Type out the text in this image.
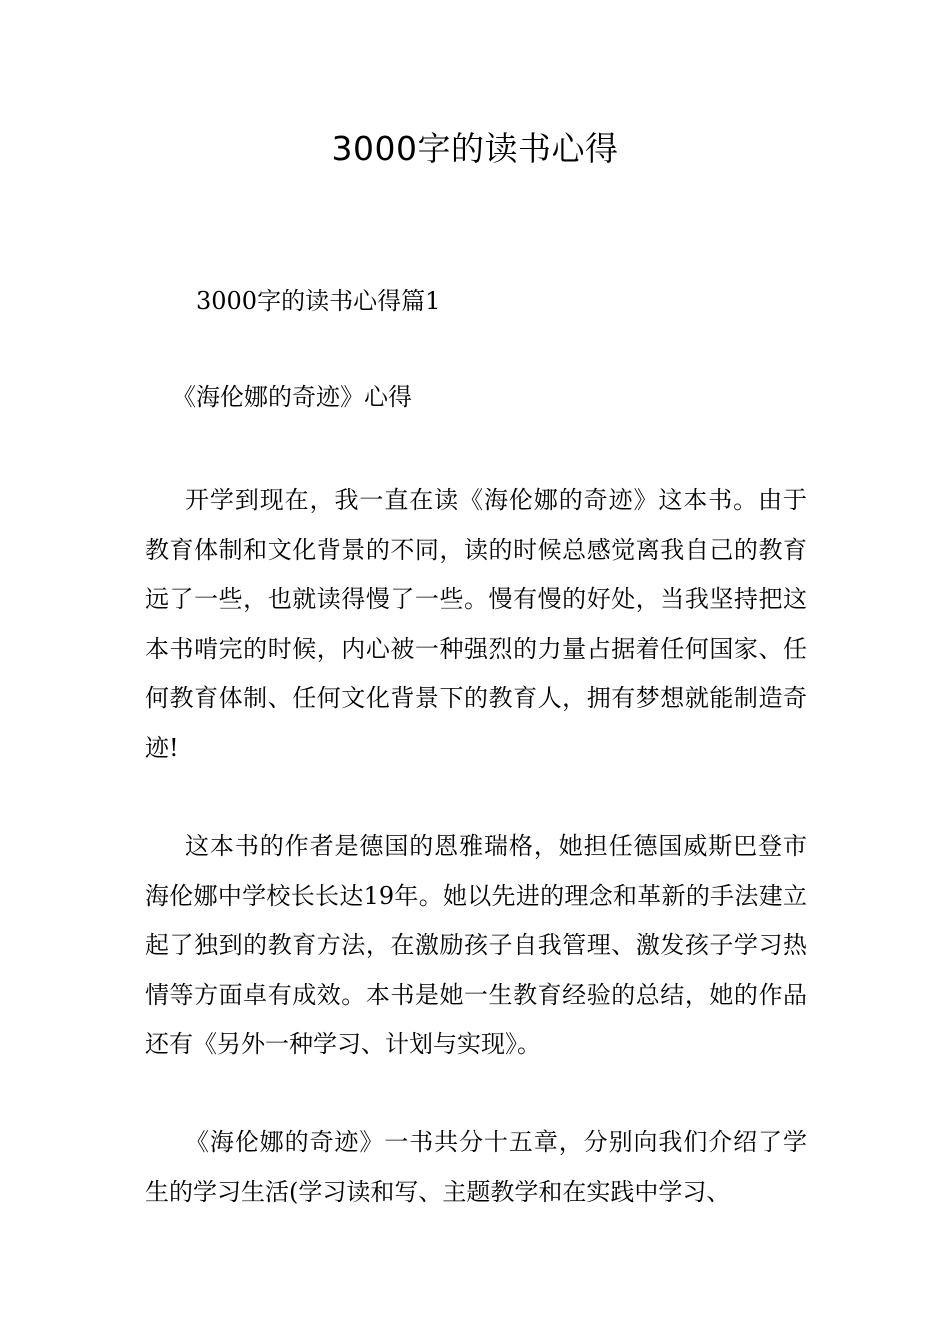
3000字的读书心得
3000字的读书心得篇1
《海伦娜的奇迹》心得

开学到现在，我一直在读《海伦娜的奇迹》这本书。由于教育体制和文化背景的不同，读的时候总感觉离我自己的教育远了一些，也就读得慢了一些。慢有慢的好处，当我坚持把这本书啃完的时候，内心被一种强烈的力量占据着任何国家、任何教育体制、任何文化背景下的教育人，拥有梦想就能制造奇迹!

这本书的作者是德国的恩雅瑞格，她担任德国威斯巴登市海伦娜中学校长长达19年。她以先进的理念和革新的手法建立起了独到的教育方法，在激励孩子自我管理、激发孩子学习热情等方面卓有成效。本书是她一生教育经验的总结，她的作品还有《另外一种学习、计划与实现》。

《海伦娜的奇迹》一书共分十五章，分别向我们介绍了学生的学习生活(学习读和写、主题教学和在实践中学习、
